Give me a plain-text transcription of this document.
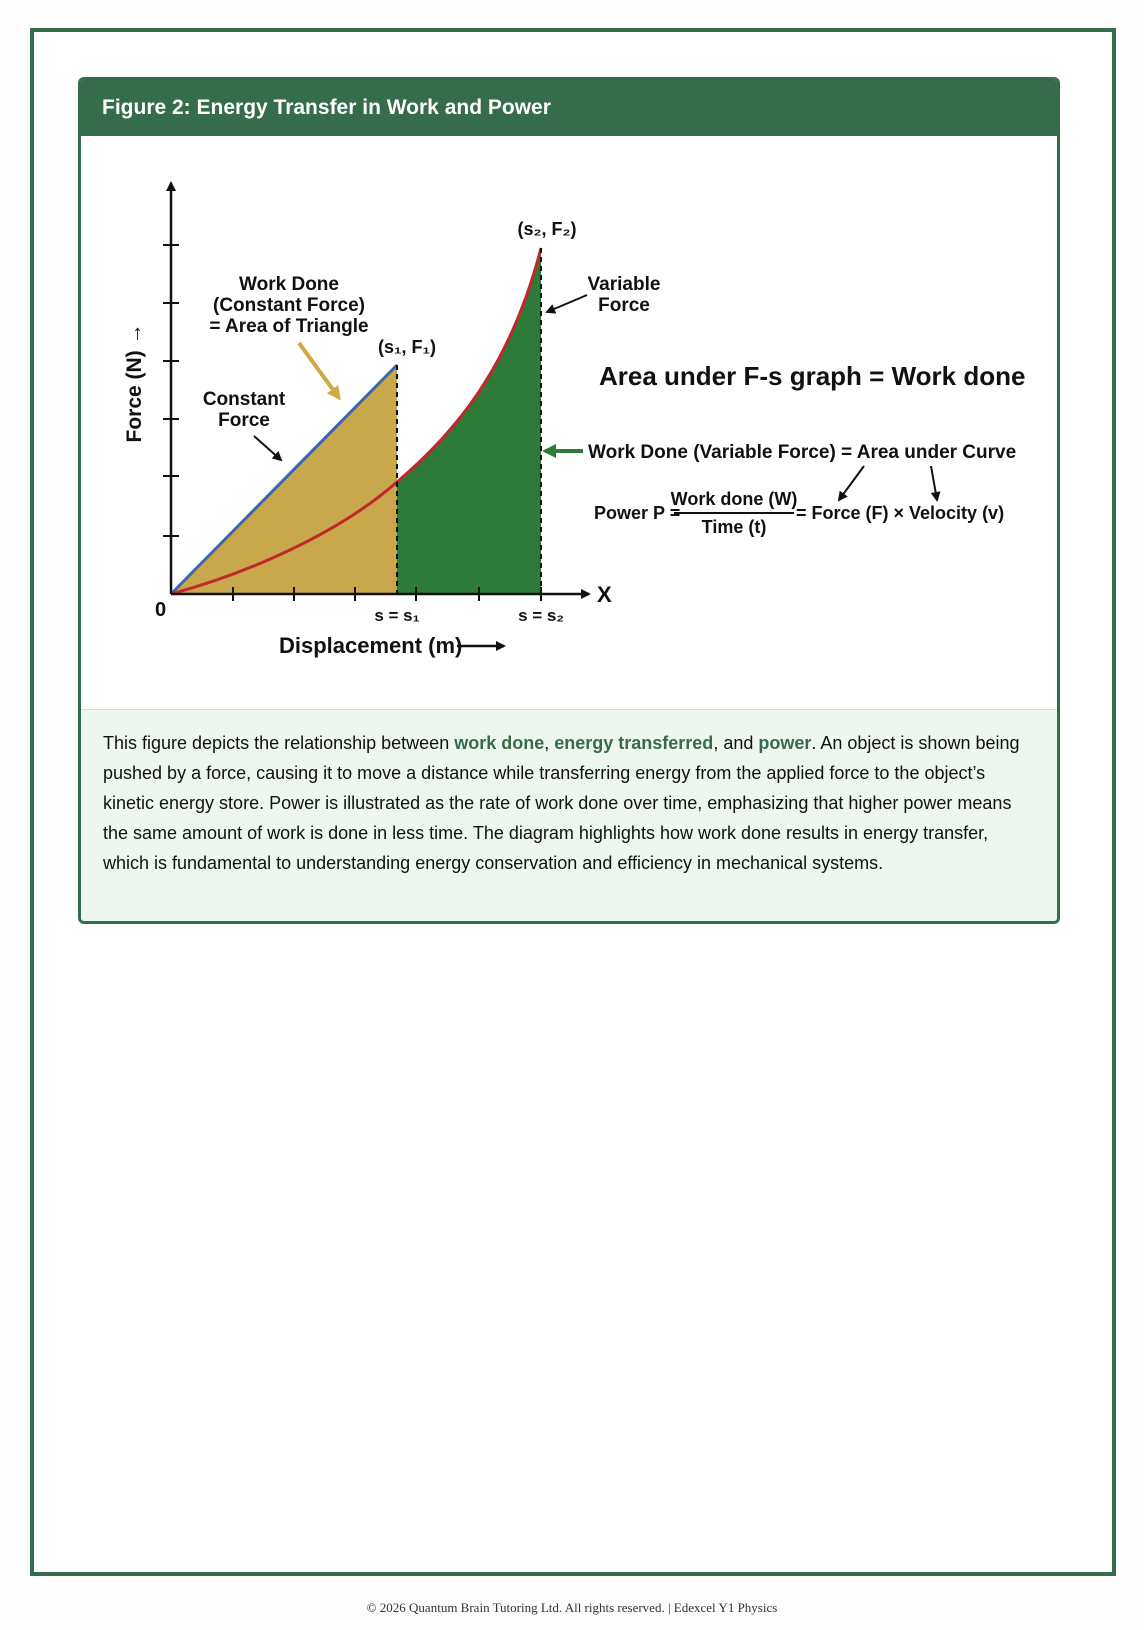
Figure 2: Energy Transfer in Work and Power
Force (N) →
Displacement (m)
0
X
(s₁, F₁)
(s₂, F₂)
s = s₁	s = s₂
Work Done
(Constant Force)
= Area of Triangle
Constant
Force
Variable
Force
Area under F-s graph = Work done
Work Done (Variable Force) = Area under Curve
Power P =
Work done (W)
Time (t)
= Force (F) × Velocity (v)
This figure depicts the relationship between work done, energy transferred, and power. An object is shown being pushed by a force, causing it to move a distance while transferring energy from the applied force to the object’s kinetic energy store. Power is illustrated as the rate of work done over time, emphasizing that higher power means the same amount of work is done in less time. The diagram highlights how work done results in energy transfer, which is fundamental to understanding energy conservation and efficiency in mechanical systems.
© 2026 Quantum Brain Tutoring Ltd. All rights reserved. | Edexcel Y1 Physics
